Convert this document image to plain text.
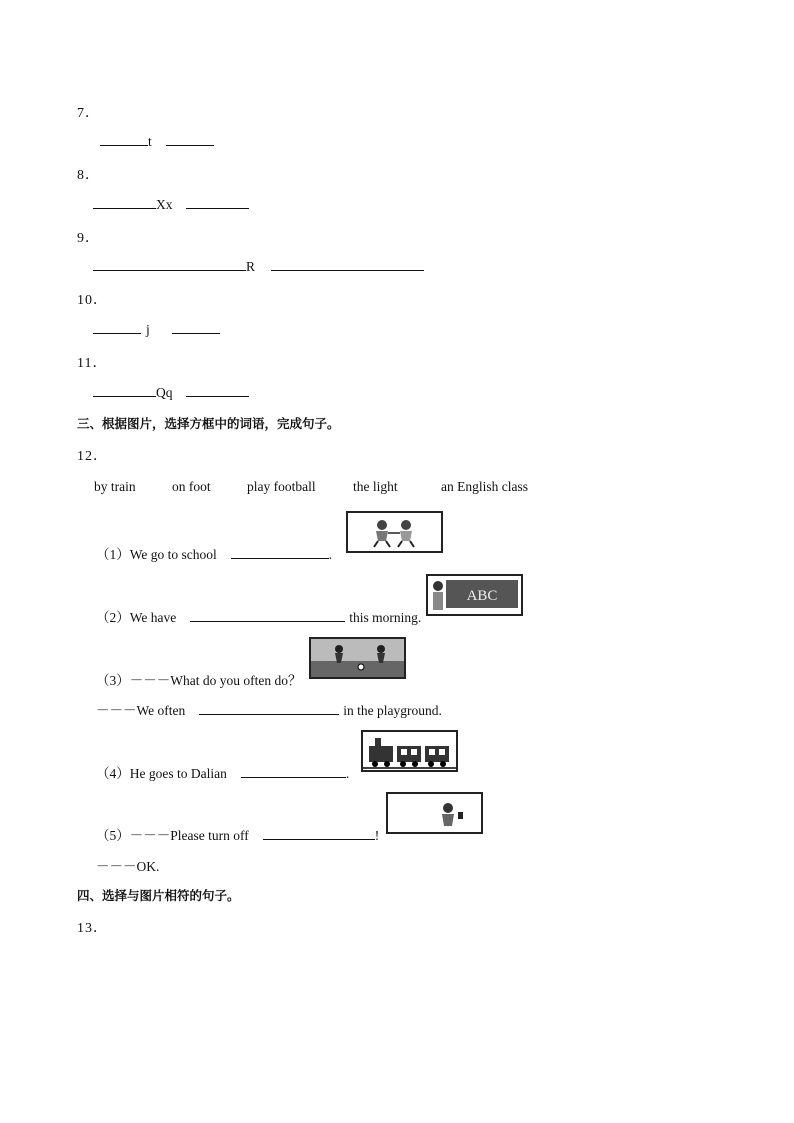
7．
t
8．
Xx
9．
R
10．
j
11．
Qq
三、根据图片，选择方框中的词语，完成句子。
12．
by train	on foot	play football	the light	an English class
（1）We go to school	.
（2）We have	this morning.
ABC
（3）－－－What do you often do？
－－－We often	in the playground.
（4）He goes to Dalian	.
（5）－－－Please turn off	!
－－－OK.
四、选择与图片相符的句子。
13．
